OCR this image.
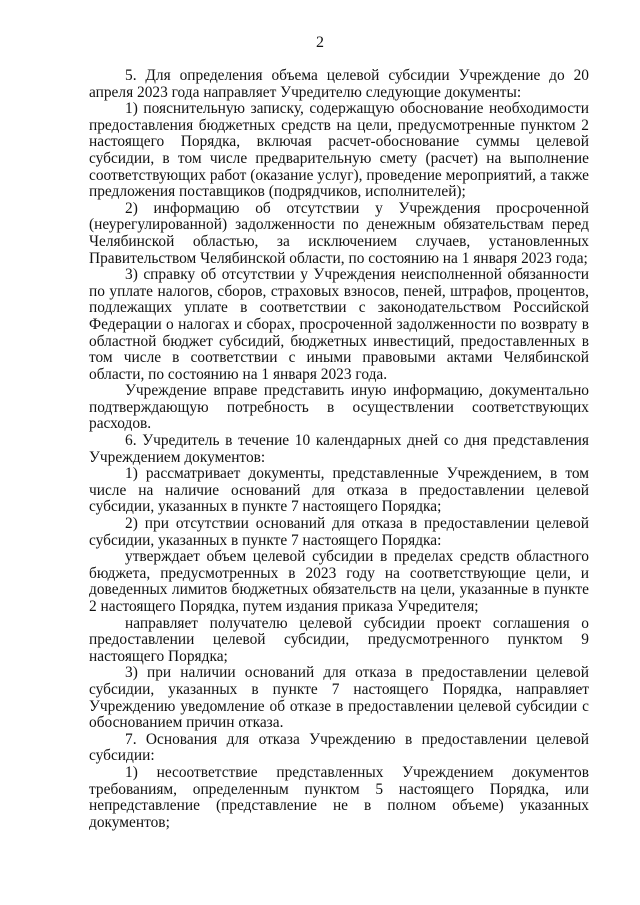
2

5. Для определения объема целевой субсидии Учреждение до 20 апреля 2023 года направляет Учредителю следующие документы:

1) пояснительную записку, содержащую обоснование необходимости предоставления бюджетных средств на цели, предусмотренные пунктом 2 настоящего Порядка, включая расчет-обоснование суммы целевой субсидии, в том числе предварительную смету (расчет) на выполнение соответствующих работ (оказание услуг), проведение мероприятий, а также предложения поставщиков (подрядчиков, исполнителей);

2) информацию об отсутствии у Учреждения просроченной (неурегулированной) задолженности по денежным обязательствам перед Челябинской областью, за исключением случаев, установленных Правительством Челябинской области, по состоянию на 1 января 2023 года;

3) справку об отсутствии у Учреждения неисполненной обязанности по уплате налогов, сборов, страховых взносов, пеней, штрафов, процентов, подлежащих уплате в соответствии с законодательством Российской Федерации о налогах и сборах, просроченной задолженности по возврату в областной бюджет субсидий, бюджетных инвестиций, предоставленных в том числе в соответствии с иными правовыми актами Челябинской области, по состоянию на 1 января 2023 года.

Учреждение вправе представить иную информацию, документально подтверждающую потребность в осуществлении соответствующих расходов.

6. Учредитель в течение 10 календарных дней со дня представления Учреждением документов:

1) рассматривает документы, представленные Учреждением, в том числе на наличие оснований для отказа в предоставлении целевой субсидии, указанных в пункте 7 настоящего Порядка;

2) при отсутствии оснований для отказа в предоставлении целевой субсидии, указанных в пункте 7 настоящего Порядка:

утверждает объем целевой субсидии в пределах средств областного бюджета, предусмотренных в 2023 году на соответствующие цели, и доведенных лимитов бюджетных обязательств на цели, указанные в пункте 2 настоящего Порядка, путем издания приказа Учредителя;

направляет получателю целевой субсидии проект соглашения о предоставлении целевой субсидии, предусмотренного пунктом 9 настоящего Порядка;

3) при наличии оснований для отказа в предоставлении целевой субсидии, указанных в пункте 7 настоящего Порядка, направляет Учреждению уведомление об отказе в предоставлении целевой субсидии с обоснованием причин отказа.

7. Основания для отказа Учреждению в предоставлении целевой субсидии:

1) несоответствие представленных Учреждением документов требованиям, определенным пунктом 5 настоящего Порядка, или непредставление (представление не в полном объеме) указанных документов;
